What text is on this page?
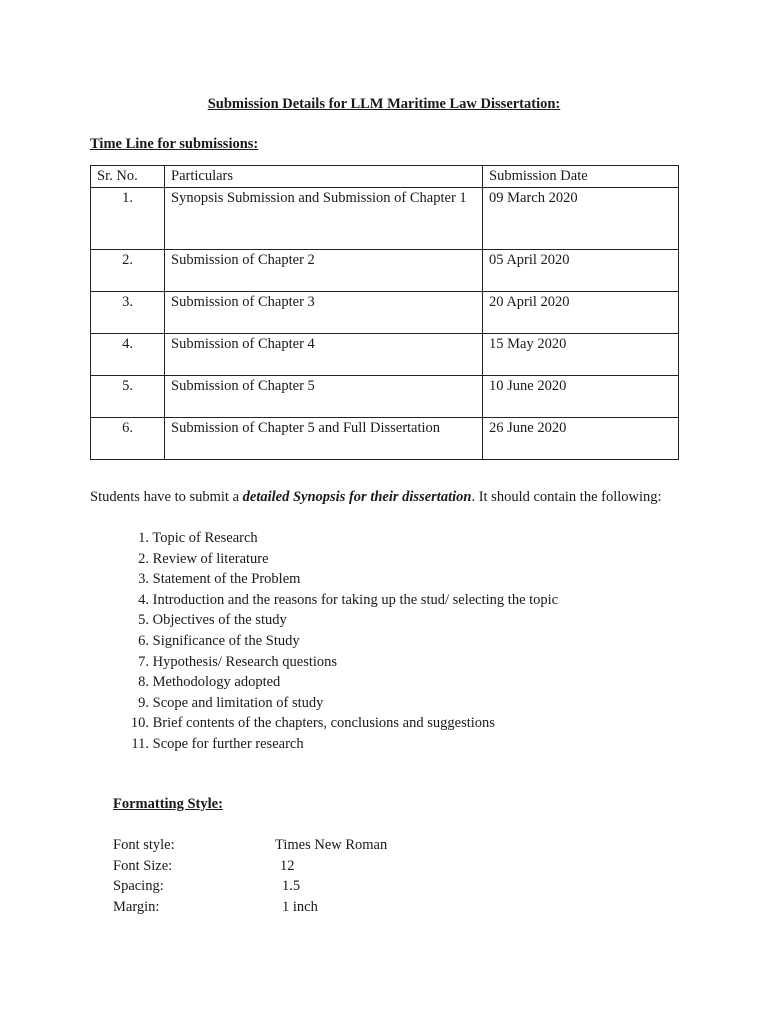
Submission Details for LLM Maritime Law Dissertation:
Time Line for submissions:
Sr. No.	Particulars	Submission Date
1.	Synopsis Submission and Submission of Chapter 1	09 March 2020
2.	Submission of Chapter 2	05 April 2020
3.	Submission of Chapter 3	20 April 2020
4.	Submission of Chapter 4	15 May 2020
5.	Submission of Chapter 5	10 June 2020
6.	Submission of Chapter 5 and Full Dissertation	26 June 2020
Students have to submit a detailed Synopsis for their dissertation. It should contain the following:
1. Topic of Research
2. Review of literature
3. Statement of the Problem
4. Introduction and the reasons for taking up the stud/ selecting the topic
5. Objectives of the study
6. Significance of the Study
7. Hypothesis/ Research questions
8. Methodology adopted
9. Scope and limitation of study
10. Brief contents of the chapters, conclusions and suggestions
11. Scope for further research
Formatting Style:
Font style:	Times New Roman
Font Size:	12
Spacing:	1.5
Margin:	1 inch
